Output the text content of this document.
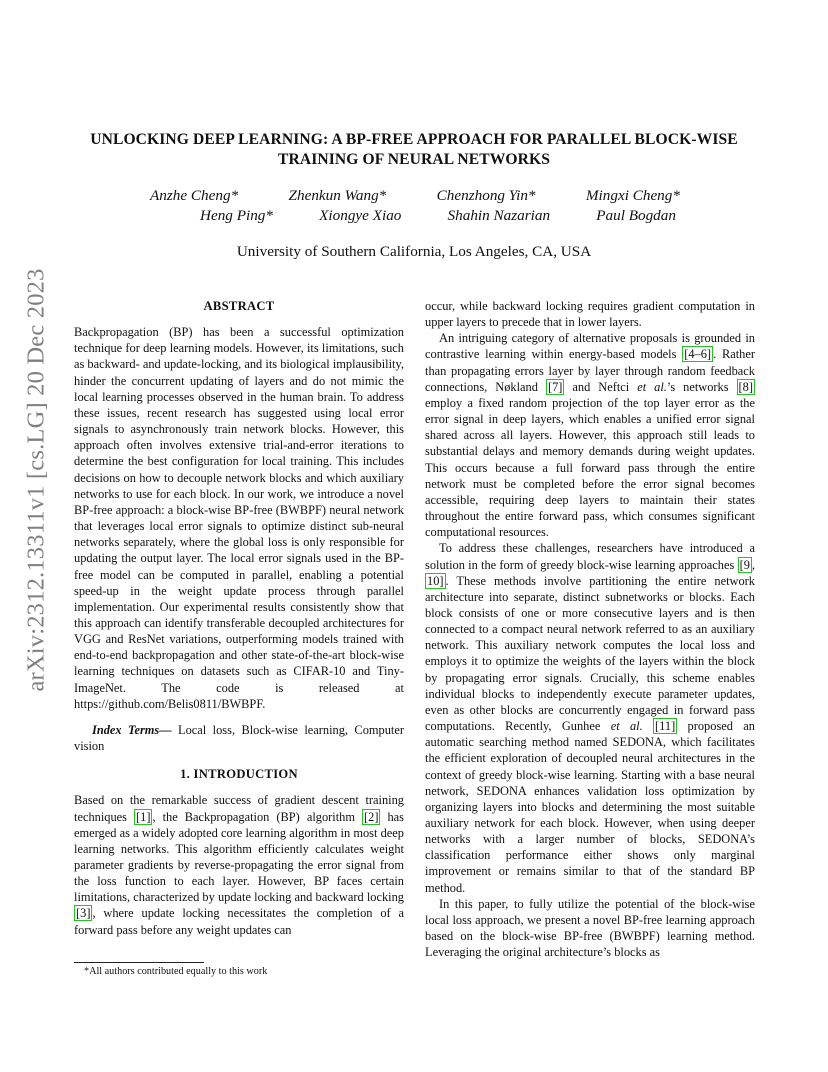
arXiv:2312.13311v1 [cs.LG] 20 Dec 2023
UNLOCKING DEEP LEARNING: A BP-FREE APPROACH FOR PARALLEL BLOCK-WISE TRAINING OF NEURAL NETWORKS
Anzhe Cheng*	Zhenkun Wang*	Chenzhong Yin*	Mingxi Cheng*
Heng Ping*	Xiongye Xiao	Shahin Nazarian	Paul Bogdan
University of Southern California, Los Angeles, CA, USA
ABSTRACT

Backpropagation (BP) has been a successful optimization technique for deep learning models. However, its limitations, such as backward- and update-locking, and its biological implausibility, hinder the concurrent updating of layers and do not mimic the local learning processes observed in the human brain. To address these issues, recent research has suggested using local error signals to asynchronously train network blocks. However, this approach often involves extensive trial-and-error iterations to determine the best configuration for local training. This includes decisions on how to decouple network blocks and which auxiliary networks to use for each block. In our work, we introduce a novel BP-free approach: a block-wise BP-free (BWBPF) neural network that leverages local error signals to optimize distinct sub-neural networks separately, where the global loss is only responsible for updating the output layer. The local error signals used in the BP-free model can be computed in parallel, enabling a potential speed-up in the weight update process through parallel implementation. Our experimental results consistently show that this approach can identify transferable decoupled architectures for VGG and ResNet variations, outperforming models trained with end-to-end backpropagation and other state-of-the-art block-wise learning techniques on datasets such as CIFAR-10 and Tiny-ImageNet. The code is released at https://github.com/Belis0811/BWBPF.

Index Terms— Local loss, Block-wise learning, Computer vision

1. INTRODUCTION

Based on the remarkable success of gradient descent training techniques [1] , the Backpropagation (BP) algorithm [2] has emerged as a widely adopted core learning algorithm in most deep learning networks. This algorithm efficiently calculates weight parameter gradients by reverse-propagating the error signal from the loss function to each layer. However, BP faces certain limitations, characterized by update locking and backward locking [3] , where update locking necessitates the completion of a forward pass before any weight updates can

occur, while backward locking requires gradient computation in upper layers to precede that in lower layers.

An intriguing category of alternative proposals is grounded in contrastive learning within energy-based models [4–6] . Rather than propagating errors layer by layer through random feedback connections, Nøkland [7] and Neftci et al.’s networks [8] employ a fixed random projection of the top layer error as the error signal in deep layers, which enables a unified error signal shared across all layers. However, this approach still leads to substantial delays and memory demands during weight updates. This occurs because a full forward pass through the entire network must be completed before the error signal becomes accessible, requiring deep layers to maintain their states throughout the entire forward pass, which consumes significant computational resources.

To address these challenges, researchers have introduced a solution in the form of greedy block-wise learning approaches [9 , 10] . These methods involve partitioning the entire network architecture into separate, distinct subnetworks or blocks. Each block consists of one or more consecutive layers and is then connected to a compact neural network referred to as an auxiliary network. This auxiliary network computes the local loss and employs it to optimize the weights of the layers within the block by propagating error signals. Crucially, this scheme enables individual blocks to independently execute parameter updates, even as other blocks are concurrently engaged in forward pass computations. Recently, Gunhee et al. [11] proposed an automatic searching method named SEDONA, which facilitates the efficient exploration of decoupled neural architectures in the context of greedy block-wise learning. Starting with a base neural network, SEDONA enhances validation loss optimization by organizing layers into blocks and determining the most suitable auxiliary network for each block. However, when using deeper networks with a larger number of blocks, SEDONA’s classification performance either shows only marginal improvement or remains similar to that of the standard BP method.

In this paper, to fully utilize the potential of the block-wise local loss approach, we present a novel BP-free learning approach based on the block-wise BP-free (BWBPF) learning method. Leveraging the original architecture’s blocks as

*All authors contributed equally to this work
